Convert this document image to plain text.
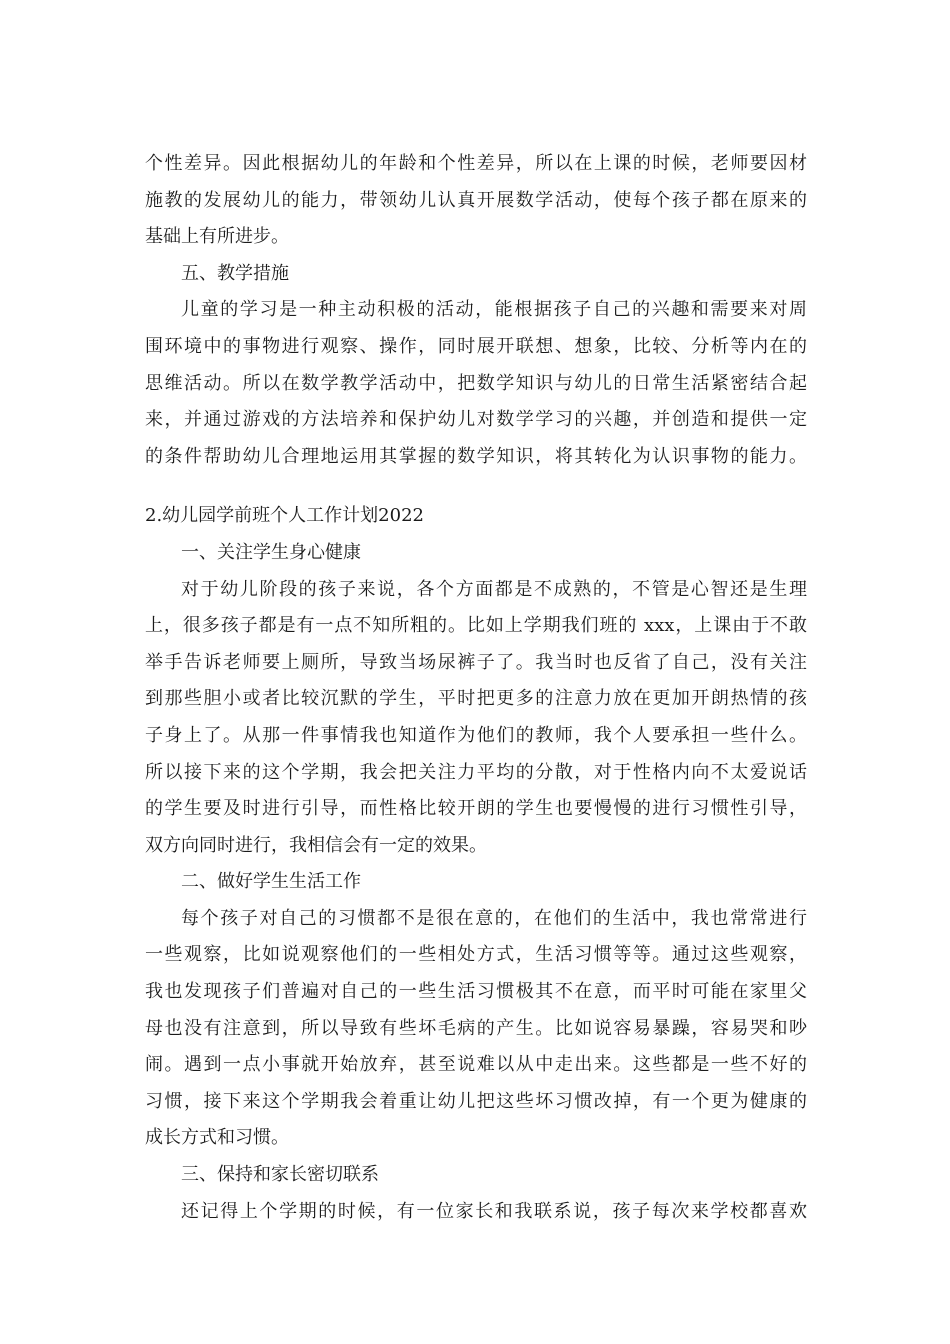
个性差异。因此根据幼儿的年龄和个性差异，所以在上课的时候，老师要因材
施教的发展幼儿的能力，带领幼儿认真开展数学活动，使每个孩子都在原来的
基础上有所进步。
五、教学措施
儿童的学习是一种主动积极的活动，能根据孩子自己的兴趣和需要来对周
围环境中的事物进行观察、操作，同时展开联想、想象，比较、分析等内在的
思维活动。所以在数学教学活动中，把数学知识与幼儿的日常生活紧密结合起
来，并通过游戏的方法培养和保护幼儿对数学学习的兴趣，并创造和提供一定
的条件帮助幼儿合理地运用其掌握的数学知识，将其转化为认识事物的能力。
2.幼儿园学前班个人工作计划2022
一、关注学生身心健康
对于幼儿阶段的孩子来说，各个方面都是不成熟的，不管是心智还是生理
上，很多孩子都是有一点不知所粗的。比如上学期我们班的 xxx，上课由于不敢
举手告诉老师要上厕所，导致当场尿裤子了。我当时也反省了自己，没有关注
到那些胆小或者比较沉默的学生，平时把更多的注意力放在更加开朗热情的孩
子身上了。从那一件事情我也知道作为他们的教师，我个人要承担一些什么。
所以接下来的这个学期，我会把关注力平均的分散，对于性格内向不太爱说话
的学生要及时进行引导，而性格比较开朗的学生也要慢慢的进行习惯性引导，
双方向同时进行，我相信会有一定的效果。
二、做好学生生活工作
每个孩子对自己的习惯都不是很在意的，在他们的生活中，我也常常进行
一些观察，比如说观察他们的一些相处方式，生活习惯等等。通过这些观察，
我也发现孩子们普遍对自己的一些生活习惯极其不在意，而平时可能在家里父
母也没有注意到，所以导致有些坏毛病的产生。比如说容易暴躁，容易哭和吵
闹。遇到一点小事就开始放弃，甚至说难以从中走出来。这些都是一些不好的
习惯，接下来这个学期我会着重让幼儿把这些坏习惯改掉，有一个更为健康的
成长方式和习惯。
三、保持和家长密切联系
还记得上个学期的时候，有一位家长和我联系说，孩子每次来学校都喜欢
